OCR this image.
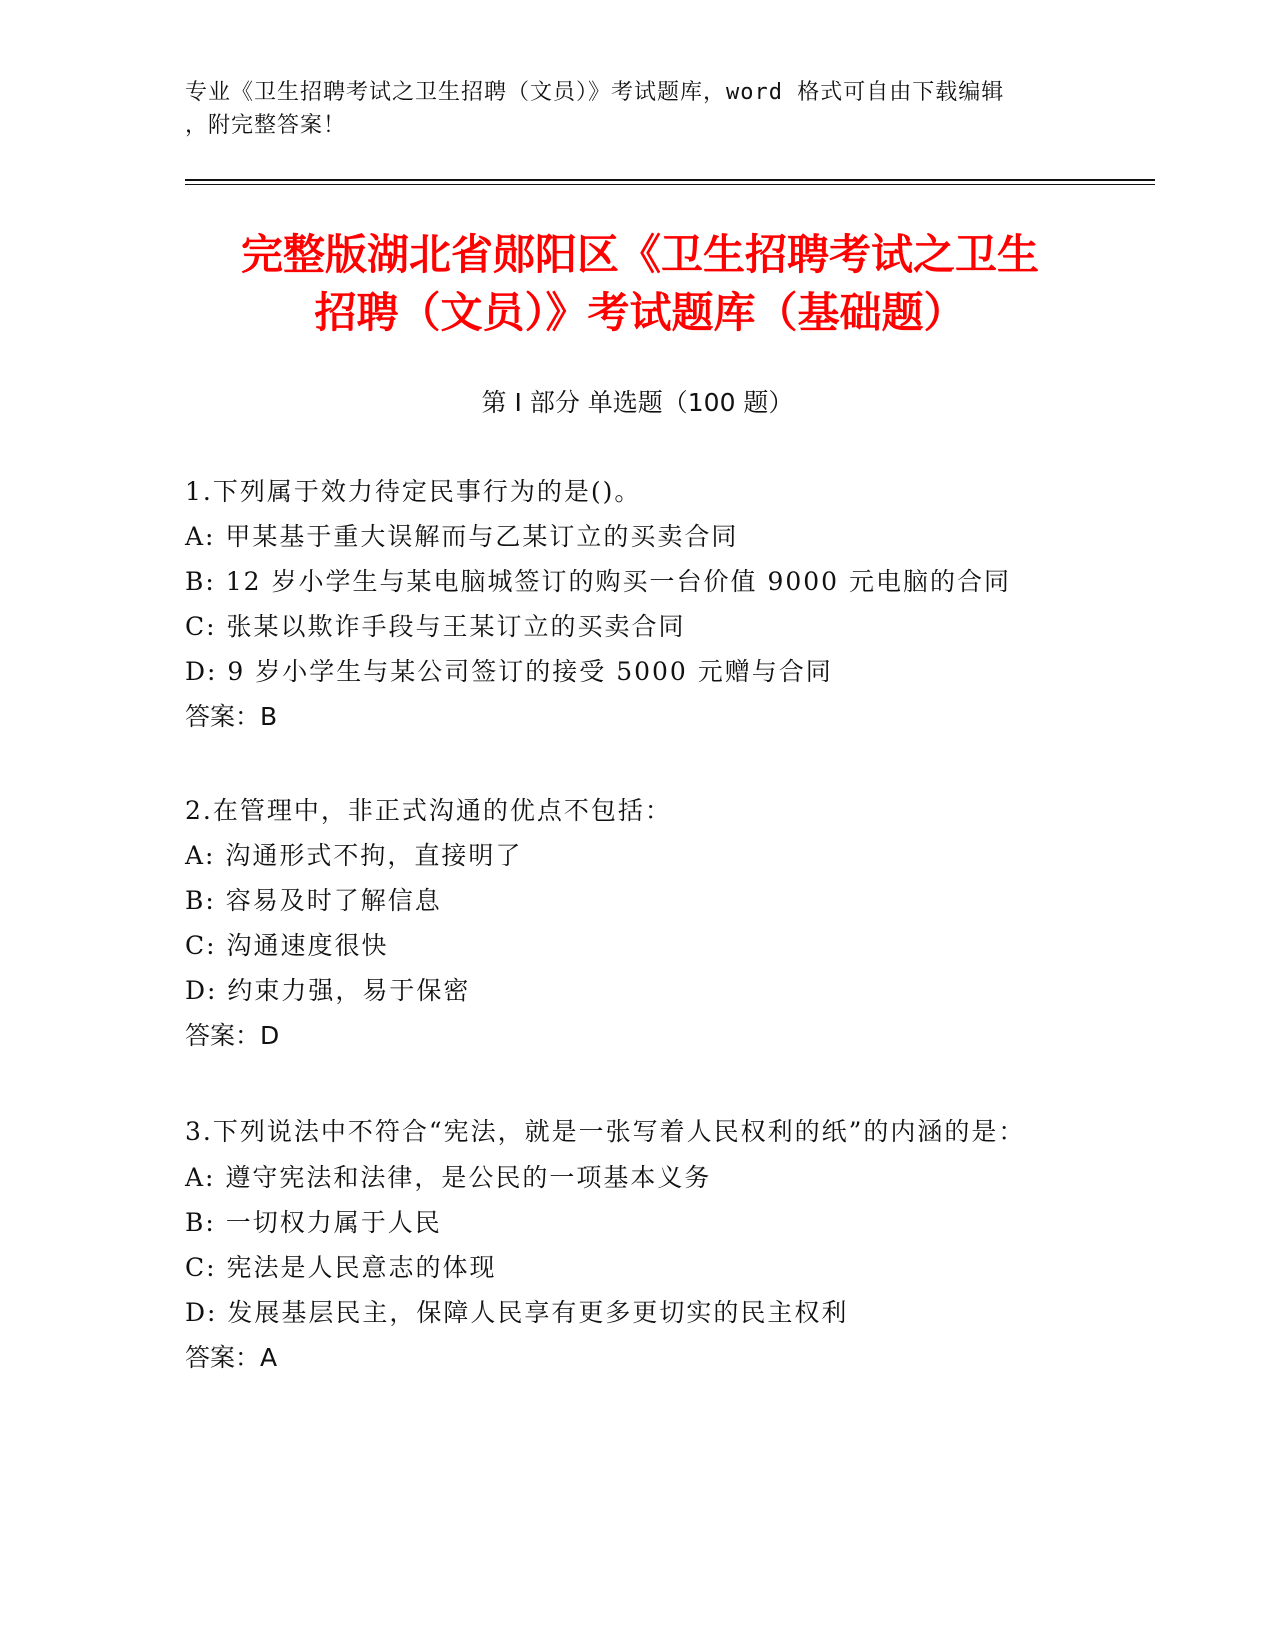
专业《卫生招聘考试之卫生招聘（文员）》考试题库，word 格式可自由下载编辑
，附完整答案！
完整版湖北省郧阳区《卫生招聘考试之卫生
招聘（文员）》考试题库（基础题）
第 I 部分 单选题（100 题）
1.下列属于效力待定民事行为的是()。
A: 甲某基于重大误解而与乙某订立的买卖合同
B: 12 岁小学生与某电脑城签订的购买一台价值 9000 元电脑的合同
C: 张某以欺诈手段与王某订立的买卖合同
D: 9 岁小学生与某公司签订的接受 5000 元赠与合同
答案：B
2.在管理中，非正式沟通的优点不包括：
A: 沟通形式不拘，直接明了
B: 容易及时了解信息
C: 沟通速度很快
D: 约束力强，易于保密
答案：D
3.下列说法中不符合“宪法，就是一张写着人民权利的纸”的内涵的是：
A: 遵守宪法和法律，是公民的一项基本义务
B: 一切权力属于人民
C: 宪法是人民意志的体现
D: 发展基层民主，保障人民享有更多更切实的民主权利
答案：A
